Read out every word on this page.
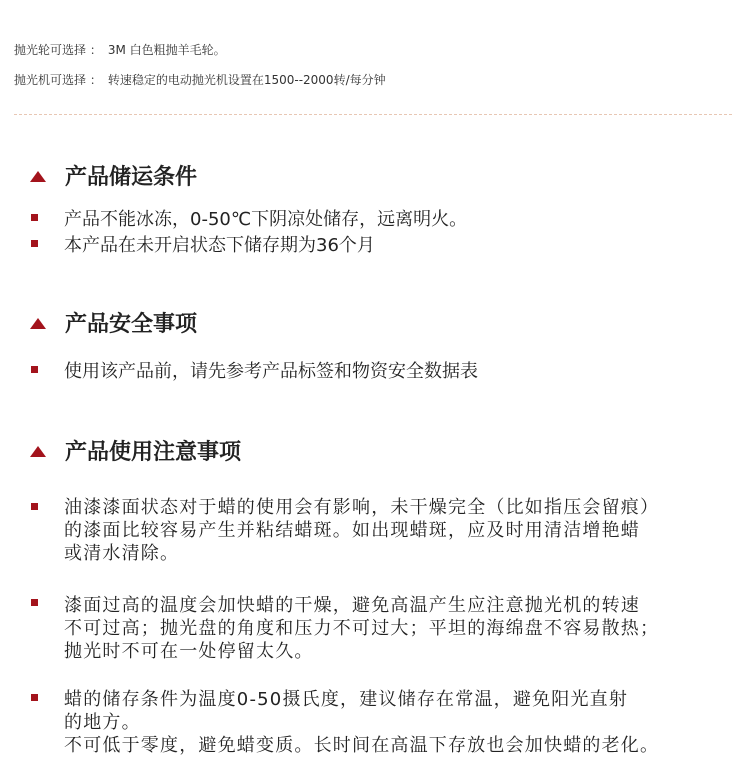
抛光轮可选择 ： 3M 白色粗抛羊毛轮。
抛光机可选择 ： 转速稳定的电动抛光机设置在1500--2000转/每分钟
产品储运条件
产品不能冰冻，0-50℃下阴凉处储存，远离明火。
本产品在未开启状态下储存期为36个月
产品安全事项
使用该产品前，请先参考产品标签和物资安全数据表
产品使用注意事项
油漆漆面状态对于蜡的使用会有影响，未干燥完全（比如指压会留痕）
的漆面比较容易产生并粘结蜡斑。如出现蜡斑，应及时用清洁增艳蜡
或清水清除。
漆面过高的温度会加快蜡的干燥，避免高温产生应注意抛光机的转速
不可过高；抛光盘的角度和压力不可过大；平坦的海绵盘不容易散热；
抛光时不可在一处停留太久。
蜡的储存条件为温度0-50摄氏度，建议储存在常温，避免阳光直射
的地方。
不可低于零度，避免蜡变质。长时间在高温下存放也会加快蜡的老化。
